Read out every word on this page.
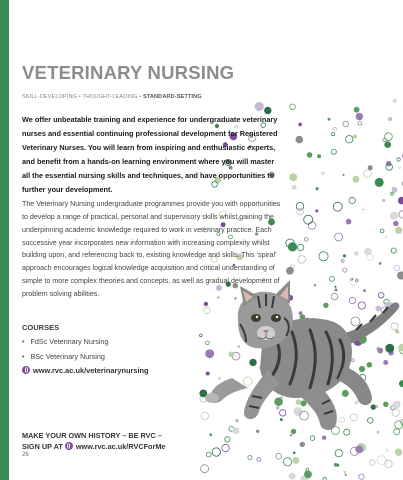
VETERINARY NURSING
SKILL-DEVELOPING • THOUGHT-LEADING • STANDARD-SETTING

We offer unbeatable training and experience for undergraduate veterinary nurses and essential continuing professional development for Registered Veterinary Nurses. You will learn from inspiring and enthusiastic experts, and benefit from a hands-on learning environment where you will master all the essential nursing skills and techniques, and have opportunities to further your development.

The Veterinary Nursing undergraduate programmes provide you with opportunities to develop a range of practical, personal and supervisory skills whilst gaining the underpinning academic knowledge required to work in veterinary practice. Each successive year incorporates new information with increasing complexity whilst building upon, and referencing back to, existing knowledge and skills. This ‘spiral’ approach encourages logical knowledge acquisition and critical understanding of simple to more complex theories and concepts, as well as gradual development of problem solving abilities.

COURSES
• FdSc Veterinary Nursing
• BSc Veterinary Nursing
www.rvc.ac.uk/veterinarynursing
MAKE YOUR OWN HISTORY – BE RVC –
SIGN UP AT www.rvc.ac.uk/RVCForMe
26
